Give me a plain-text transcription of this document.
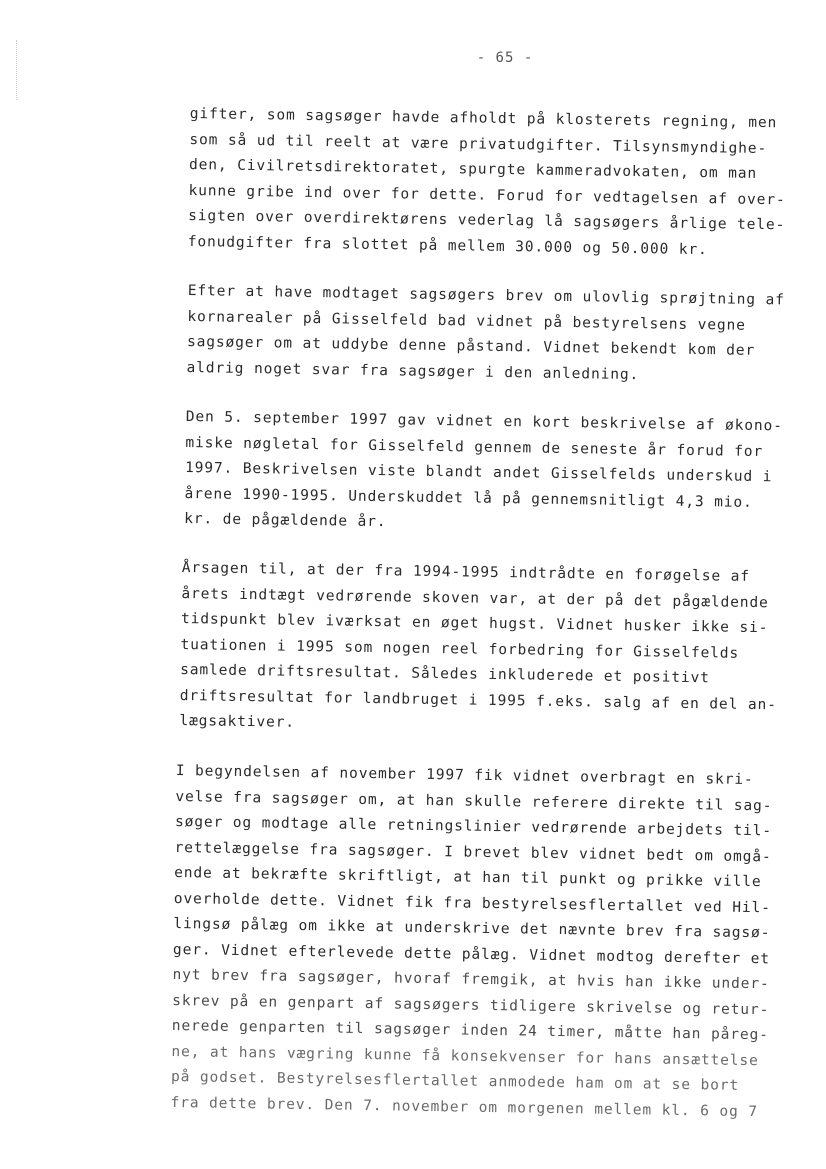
- 65 -
gifter, som sagsøger havde afholdt på klosterets regning, men
som så ud til reelt at være privatudgifter. Tilsynsmyndighe-
den, Civilretsdirektoratet, spurgte kammeradvokaten, om man
kunne gribe ind over for dette. Forud for vedtagelsen af over-
sigten over overdirektørens vederlag lå sagsøgers årlige tele-
fonudgifter fra slottet på mellem 30.000 og 50.000 kr.
Efter at have modtaget sagsøgers brev om ulovlig sprøjtning af
kornarealer på Gisselfeld bad vidnet på bestyrelsens vegne
sagsøger om at uddybe denne påstand. Vidnet bekendt kom der
aldrig noget svar fra sagsøger i den anledning.
Den 5. september 1997 gav vidnet en kort beskrivelse af økono-
miske nøgletal for Gisselfeld gennem de seneste år forud for
1997. Beskrivelsen viste blandt andet Gisselfelds underskud i
årene 1990-1995. Underskuddet lå på gennemsnitligt 4,3 mio.
kr. de pågældende år.
Årsagen til, at der fra 1994-1995 indtrådte en forøgelse af
årets indtægt vedrørende skoven var, at der på det pågældende
tidspunkt blev iværksat en øget hugst. Vidnet husker ikke si-
tuationen i 1995 som nogen reel forbedring for Gisselfelds
samlede driftsresultat. Således inkluderede et positivt
driftsresultat for landbruget i 1995 f.eks. salg af en del an-
lægsaktiver.
I begyndelsen af november 1997 fik vidnet overbragt en skri-
velse fra sagsøger om, at han skulle referere direkte til sag-
søger og modtage alle retningslinier vedrørende arbejdets til-
rettelæggelse fra sagsøger. I brevet blev vidnet bedt om omgå-
ende at bekræfte skriftligt, at han til punkt og prikke ville
overholde dette. Vidnet fik fra bestyrelsesflertallet ved Hil-
lingsø pålæg om ikke at underskrive det nævnte brev fra sagsø-
ger. Vidnet efterlevede dette pålæg. Vidnet modtog derefter et
nyt brev fra sagsøger, hvoraf fremgik, at hvis han ikke under-
skrev på en genpart af sagsøgers tidligere skrivelse og retur-
nerede genparten til sagsøger inden 24 timer, måtte han påreg-
ne, at hans vægring kunne få konsekvenser for hans ansættelse
på godset. Bestyrelsesflertallet anmodede ham om at se bort
fra dette brev. Den 7. november om morgenen mellem kl. 6 og 7
